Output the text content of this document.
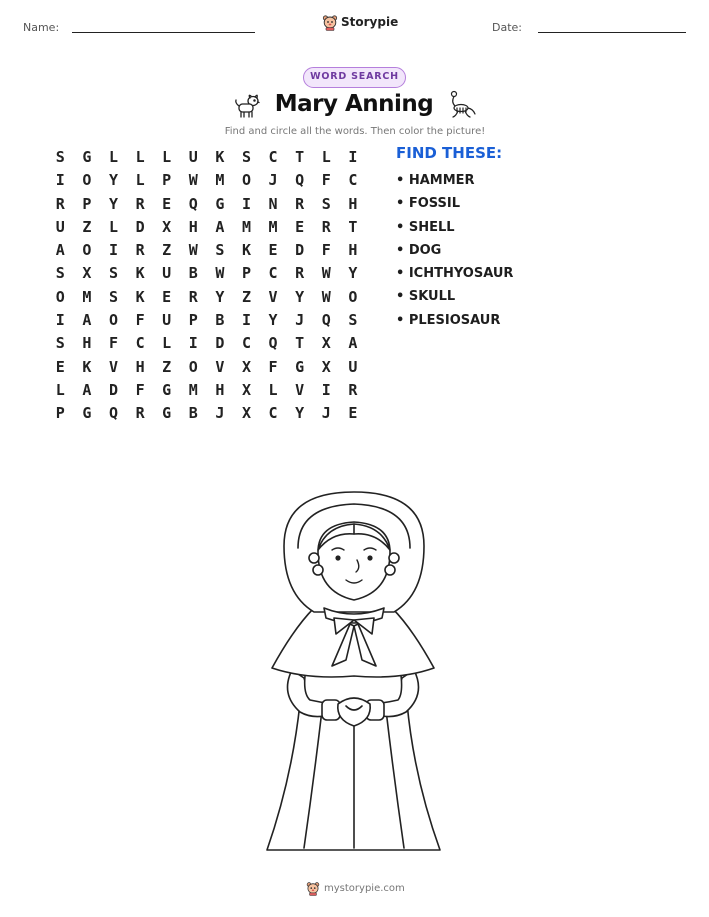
Name:	Storypie	Date:
WORD SEARCH
Mary Anning
Find and circle all the words. Then color the picture!
S	G	L	L	L	U	K	S	C	T	L	I
I	O	Y	L	P	W	M	O	J	Q	F	C
R	P	Y	R	E	Q	G	I	N	R	S	H
U	Z	L	D	X	H	A	M	M	E	R	T
A	O	I	R	Z	W	S	K	E	D	F	H
S	X	S	K	U	B	W	P	C	R	W	Y
O	M	S	K	E	R	Y	Z	V	Y	W	O
I	A	O	F	U	P	B	I	Y	J	Q	S
S	H	F	C	L	I	D	C	Q	T	X	A
E	K	V	H	Z	O	V	X	F	G	X	U
L	A	D	F	G	M	H	X	L	V	I	R
P	G	Q	R	G	B	J	X	C	Y	J	E
FIND THESE:
• HAMMER
• FOSSIL
• SHELL
• DOG
• ICHTHYOSAUR
• SKULL
• PLESIOSAUR
mystorypie.com
